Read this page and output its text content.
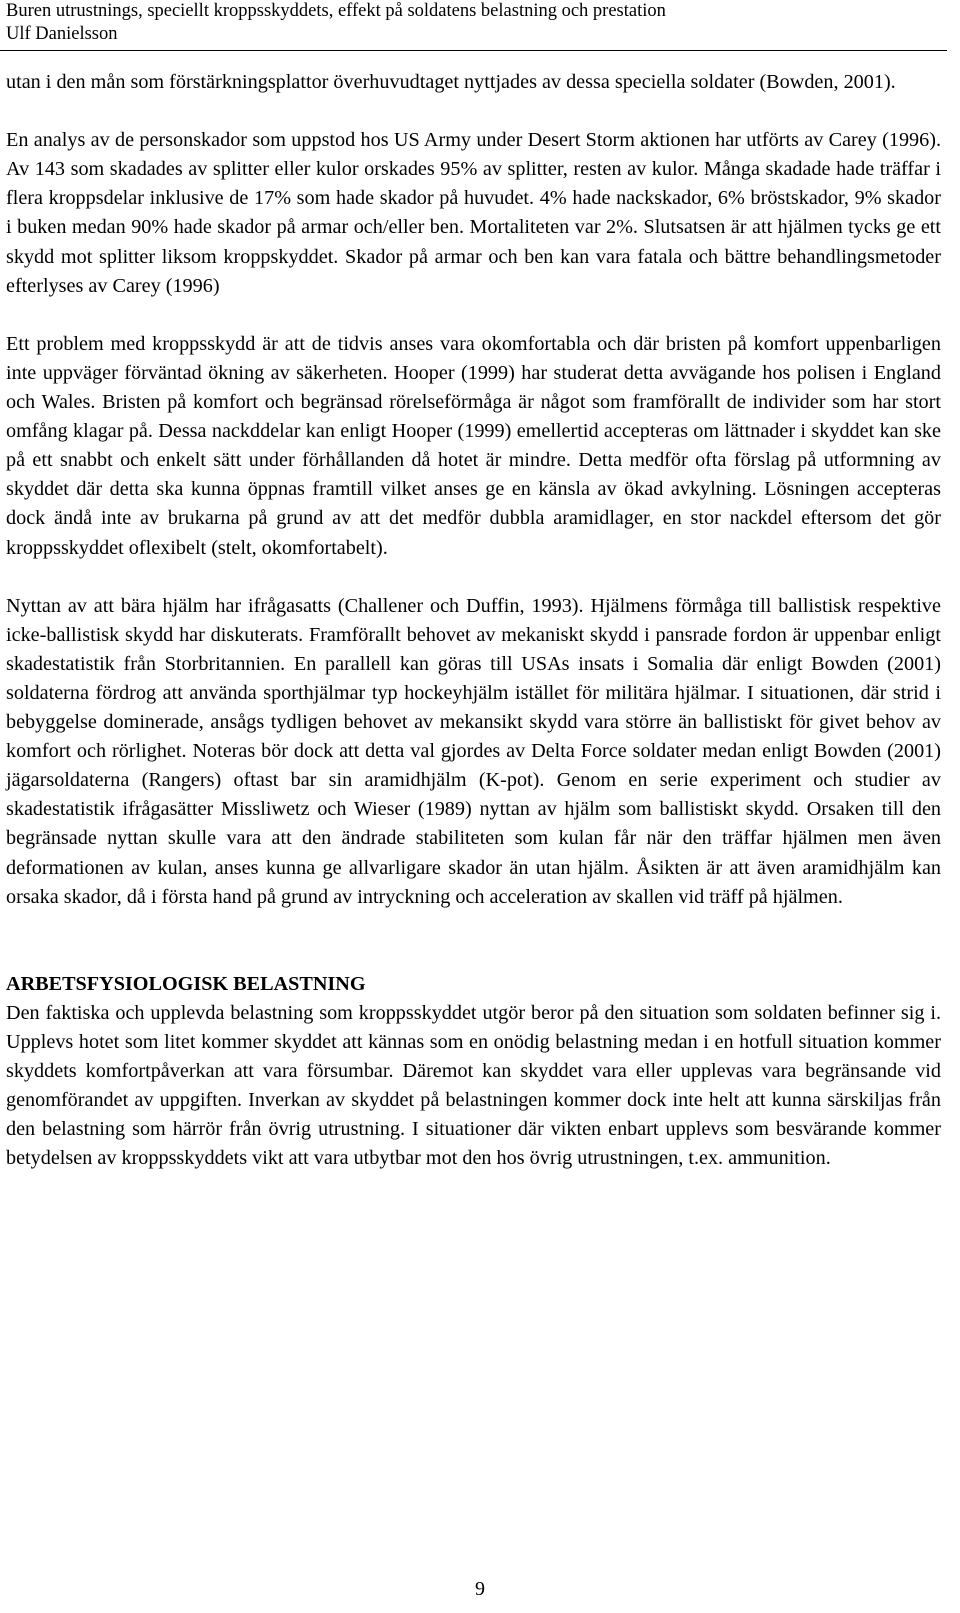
Buren utrustnings, speciellt kroppsskyddets, effekt på soldatens belastning och prestation
Ulf Danielsson

utan i den mån som förstärkningsplattor överhuvudtaget nyttjades av dessa speciella soldater (Bowden, 2001).

En analys av de personskador som uppstod hos US Army under Desert Storm aktionen har utförts av Carey (1996). Av 143 som skadades av splitter eller kulor orskades 95% av splitter, resten av kulor. Många skadade hade träffar i flera kroppsdelar inklusive de 17% som hade skador på huvudet. 4% hade nackskador, 6% bröstskador, 9% skador i buken medan 90% hade skador på armar och/eller ben. Mortaliteten var 2%. Slutsatsen är att hjälmen tycks ge ett skydd mot splitter liksom kroppskyddet. Skador på armar och ben kan vara fatala och bättre behandlingsmetoder efterlyses av Carey (1996)

Ett problem med kroppsskydd är att de tidvis anses vara okomfortabla och där bristen på komfort uppenbarligen inte uppväger förväntad ökning av säkerheten. Hooper (1999) har studerat detta avvägande hos polisen i England och Wales. Bristen på komfort och begränsad rörelseförmåga är något som framförallt de individer som har stort omfång klagar på. Dessa nackddelar kan enligt Hooper (1999) emellertid accepteras om lättnader i skyddet kan ske på ett snabbt och enkelt sätt under förhållanden då hotet är mindre. Detta medför ofta förslag på utformning av skyddet där detta ska kunna öppnas framtill vilket anses ge en känsla av ökad avkylning. Lösningen accepteras dock ändå inte av brukarna på grund av att det medför dubbla aramidlager, en stor nackdel eftersom det gör kroppsskyddet oflexibelt (stelt, okomfortabelt).

Nyttan av att bära hjälm har ifrågasatts (Challener och Duffin, 1993). Hjälmens förmåga till ballistisk respektive icke-ballistisk skydd har diskuterats. Framförallt behovet av mekaniskt skydd i pansrade fordon är uppenbar enligt skadestatistik från Storbritannien. En parallell kan göras till USAs insats i Somalia där enligt Bowden (2001) soldaterna fördrog att använda sporthjälmar typ hockeyhjälm istället för militära hjälmar. I situationen, där strid i bebyggelse dominerade, ansågs tydligen behovet av mekansikt skydd vara större än ballistiskt för givet behov av komfort och rörlighet. Noteras bör dock att detta val gjordes av Delta Force soldater medan enligt Bowden (2001) jägarsoldaterna (Rangers) oftast bar sin aramidhjälm (K-pot). Genom en serie experiment och studier av skadestatistik ifrågasätter Missliwetz och Wieser (1989) nyttan av hjälm som ballistiskt skydd. Orsaken till den begränsade nyttan skulle vara att den ändrade stabiliteten som kulan får när den träffar hjälmen men även deformationen av kulan, anses kunna ge allvarligare skador än utan hjälm. Åsikten är att även aramidhjälm kan orsaka skador, då i första hand på grund av intryckning och acceleration av skallen vid träff på hjälmen.

ARBETSFYSIOLOGISK BELASTNING

Den faktiska och upplevda belastning som kroppsskyddet utgör beror på den situation som soldaten befinner sig i. Upplevs hotet som litet kommer skyddet att kännas som en onödig belastning medan i en hotfull situation kommer skyddets komfortpåverkan att vara försumbar. Däremot kan skyddet vara eller upplevas vara begränsande vid genomförandet av uppgiften. Inverkan av skyddet på belastningen kommer dock inte helt att kunna särskiljas från den belastning som härrör från övrig utrustning. I situationer där vikten enbart upplevs som besvärande kommer betydelsen av kroppsskyddets vikt att vara utbytbar mot den hos övrig utrustningen, t.ex. ammunition.

9
